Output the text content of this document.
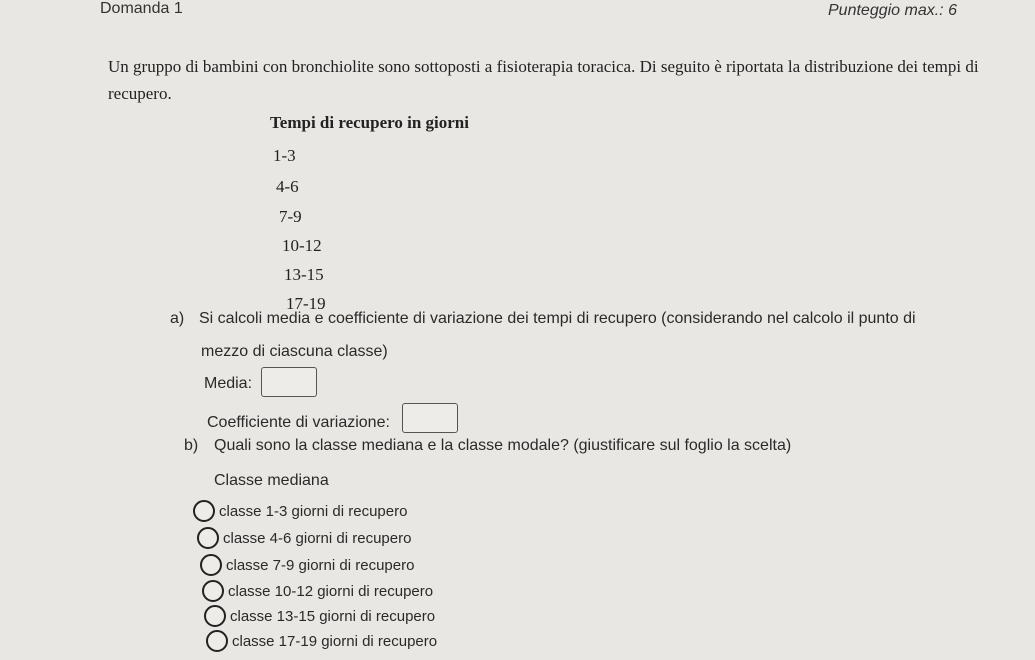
Domanda 1	Punteggio max.: 6
Un gruppo di bambini con bronchiolite sono sottoposti a fisioterapia toracica. Di seguito è riportata la distribuzione dei tempi di
recupero.
Tempi di recupero in giorni
1-3
4-6
7-9
10-12
13-15
17-19
a) Si calcoli media e coefficiente di variazione dei tempi di recupero (considerando nel calcolo il punto di
mezzo di ciascuna classe)
Media:
Coefficiente di variazione:
b) Quali sono la classe mediana e la classe modale? (giustificare sul foglio la scelta)
Classe mediana
classe 1-3 giorni di recupero
classe 4-6 giorni di recupero
classe 7-9 giorni di recupero
classe 10-12 giorni di recupero
classe 13-15 giorni di recupero
classe 17-19 giorni di recupero
